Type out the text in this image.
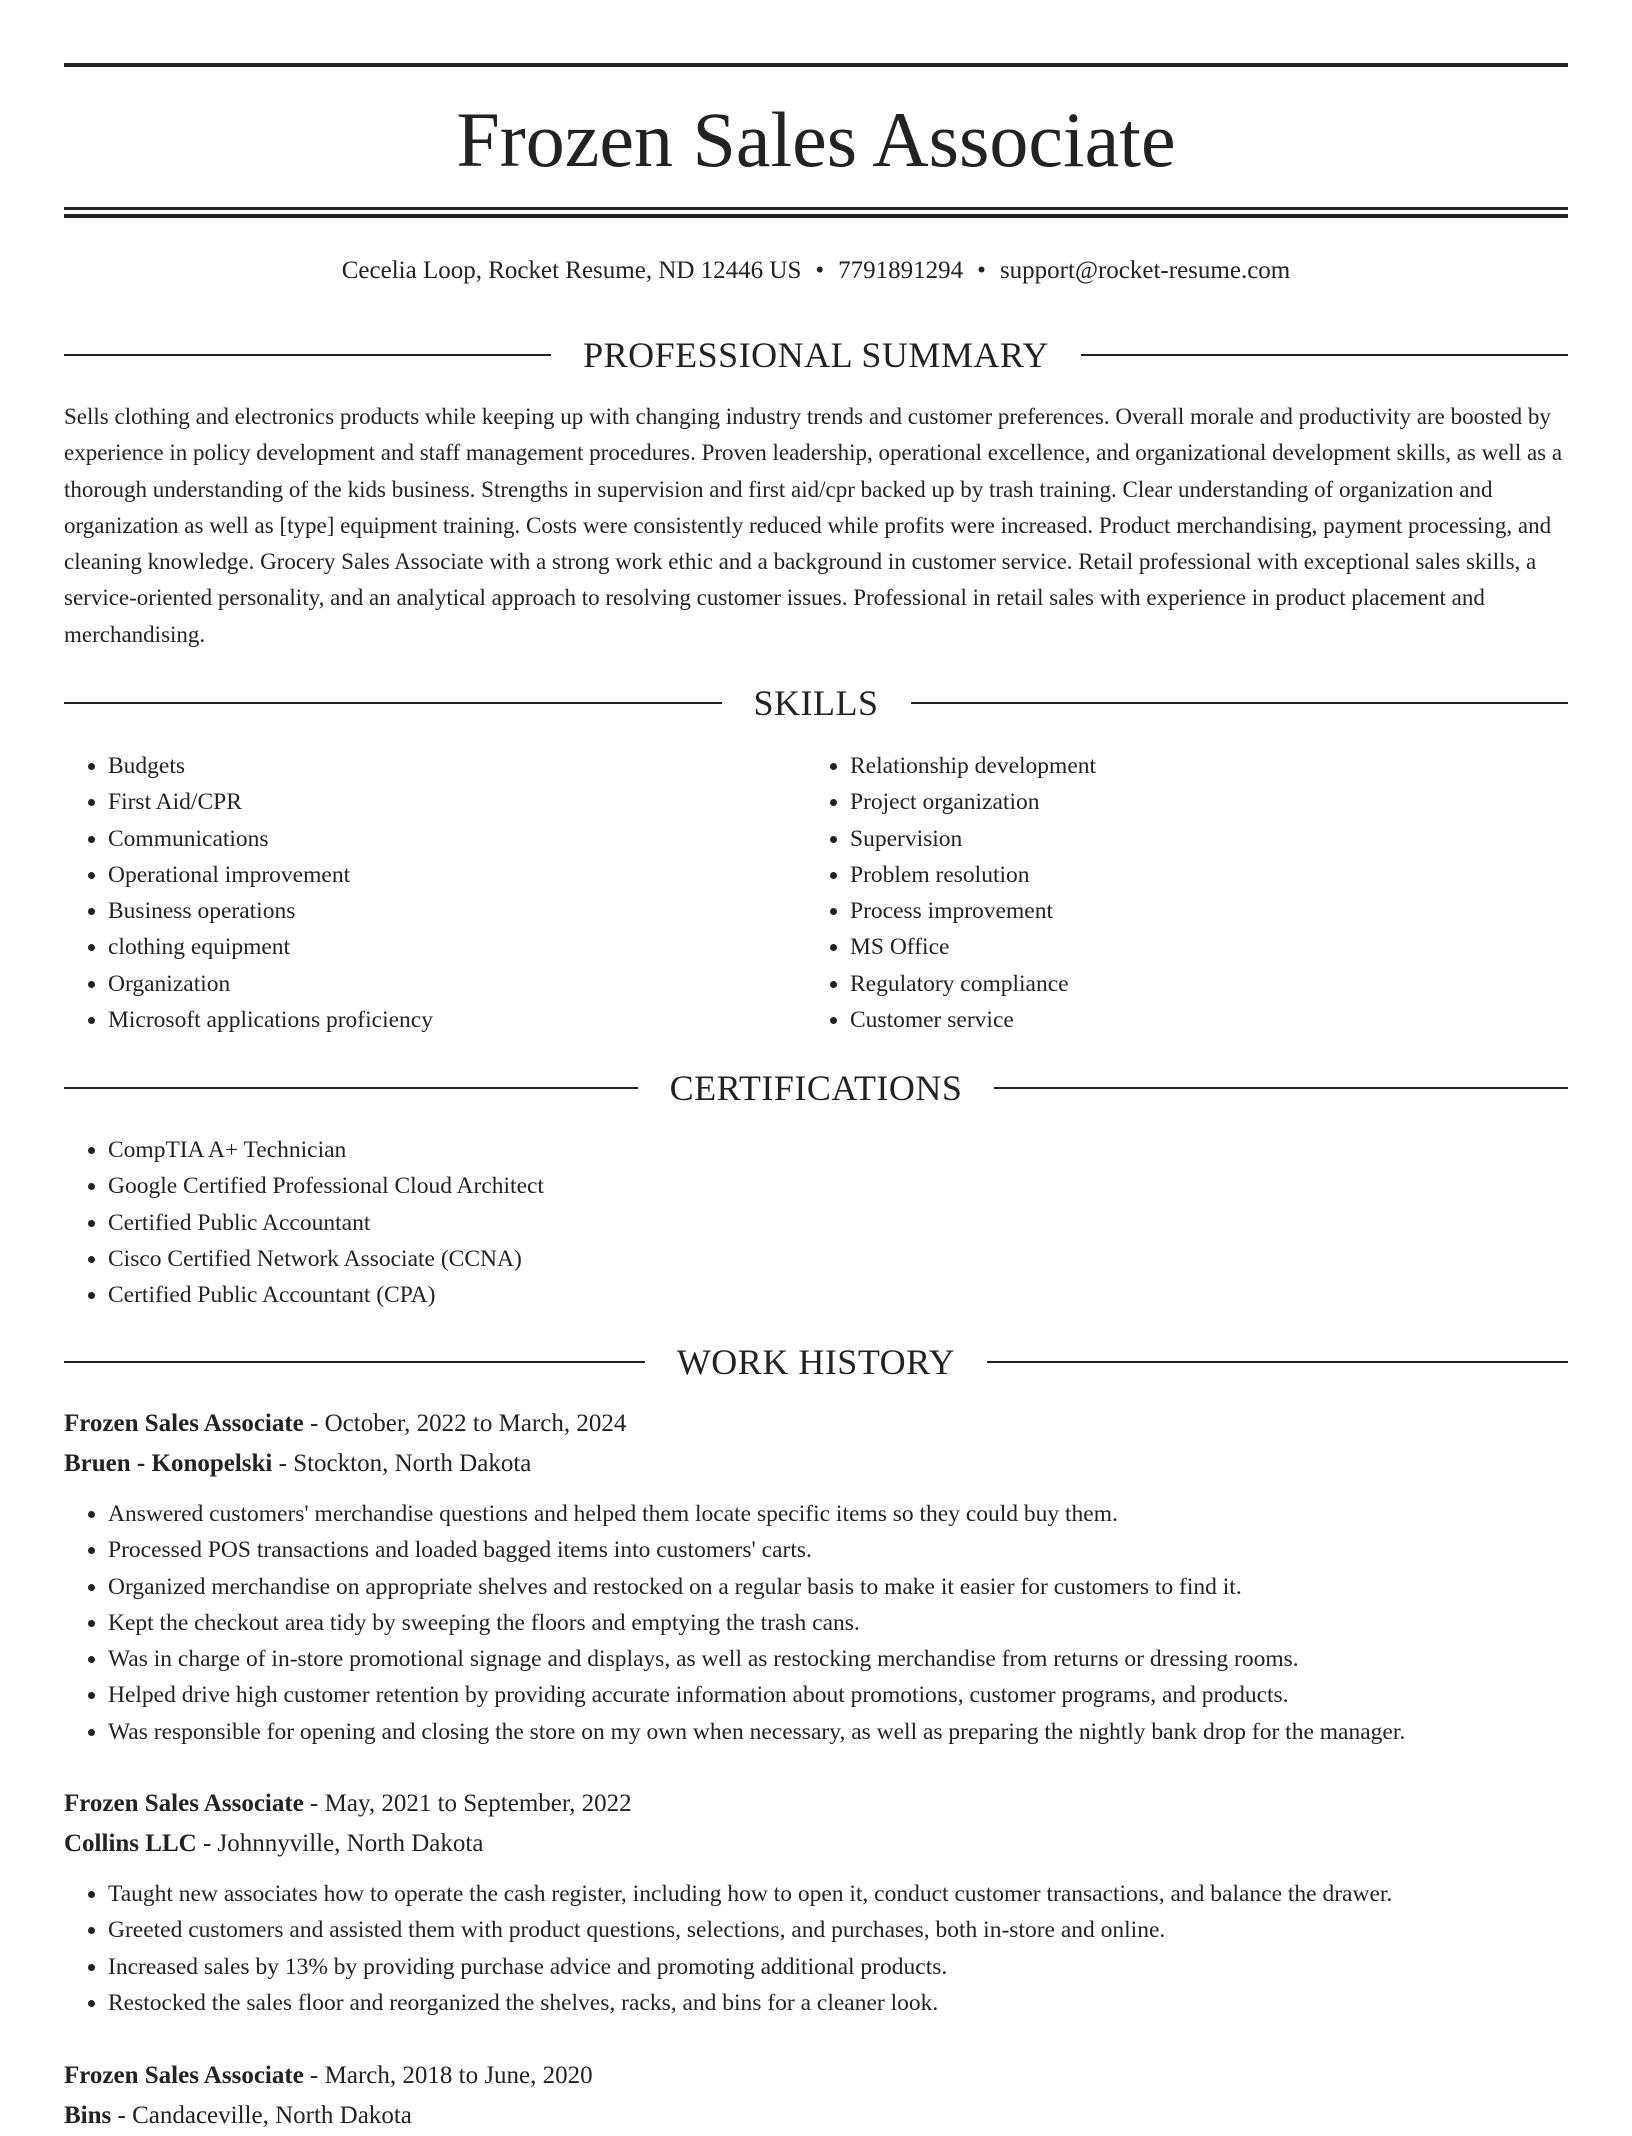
Frozen Sales Associate
Cecelia Loop, Rocket Resume, ND 12446 US • 7791891294 • support@rocket-resume.com
PROFESSIONAL SUMMARY

Sells clothing and electronics products while keeping up with changing industry trends and customer preferences. Overall morale and productivity are boosted by experience in policy development and staff management procedures. Proven leadership, operational excellence, and organizational development skills, as well as a thorough understanding of the kids business. Strengths in supervision and first aid/cpr backed up by trash training. Clear understanding of organization and organization as well as [type] equipment training. Costs were consistently reduced while profits were increased. Product merchandising, payment processing, and cleaning knowledge. Grocery Sales Associate with a strong work ethic and a background in customer service. Retail professional with exceptional sales skills, a service-oriented personality, and an analytical approach to resolving customer issues. Professional in retail sales with experience in product placement and merchandising.

SKILLS
• Budgets
• First Aid/CPR
• Communications
• Operational improvement
• Business operations
• clothing equipment
• Organization
• Microsoft applications proficiency
• Relationship development
• Project organization
• Supervision
• Problem resolution
• Process improvement
• MS Office
• Regulatory compliance
• Customer service
CERTIFICATIONS
• CompTIA A+ Technician
• Google Certified Professional Cloud Architect
• Certified Public Accountant
• Cisco Certified Network Associate (CCNA)
• Certified Public Accountant (CPA)
WORK HISTORY
Frozen Sales Associate - October, 2022 to March, 2024
Bruen - Konopelski - Stockton, North Dakota
• Answered customers' merchandise questions and helped them locate specific items so they could buy them.
• Processed POS transactions and loaded bagged items into customers' carts.
• Organized merchandise on appropriate shelves and restocked on a regular basis to make it easier for customers to find it.
• Kept the checkout area tidy by sweeping the floors and emptying the trash cans.
• Was in charge of in-store promotional signage and displays, as well as restocking merchandise from returns or dressing rooms.
• Helped drive high customer retention by providing accurate information about promotions, customer programs, and products.
• Was responsible for opening and closing the store on my own when necessary, as well as preparing the nightly bank drop for the manager.
Frozen Sales Associate - May, 2021 to September, 2022
Collins LLC - Johnnyville, North Dakota
• Taught new associates how to operate the cash register, including how to open it, conduct customer transactions, and balance the drawer.
• Greeted customers and assisted them with product questions, selections, and purchases, both in-store and online.
• Increased sales by 13% by providing purchase advice and promoting additional products.
• Restocked the sales floor and reorganized the shelves, racks, and bins for a cleaner look.
Frozen Sales Associate - March, 2018 to June, 2020
Bins - Candaceville, North Dakota
